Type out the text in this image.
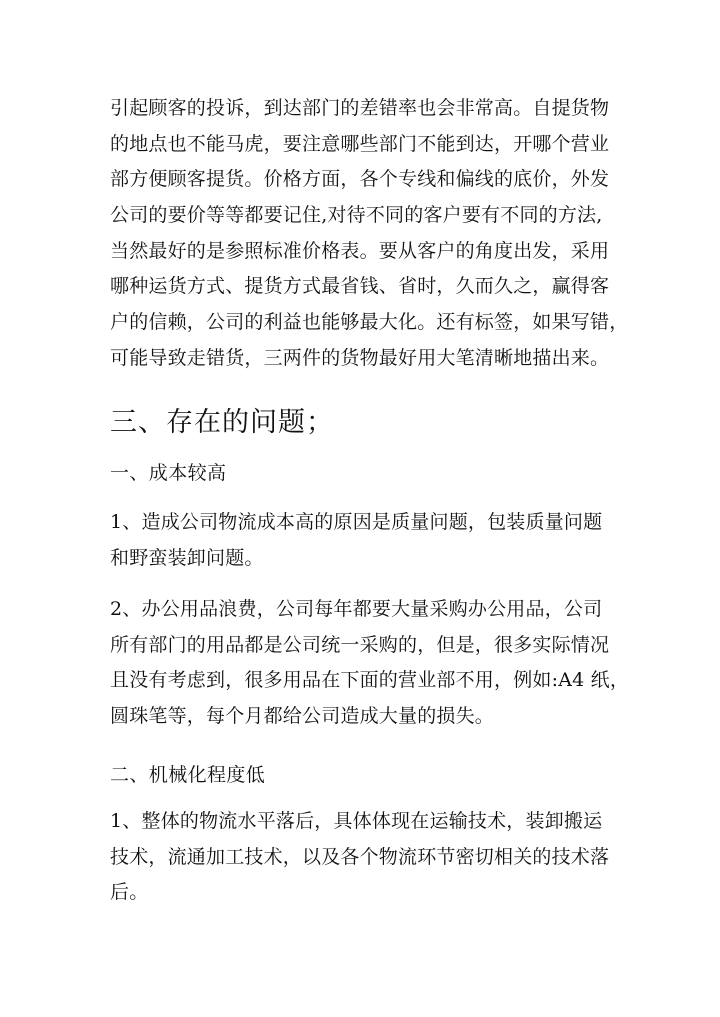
引起顾客的投诉，到达部门的差错率也会非常高。自提货物
的地点也不能马虎，要注意哪些部门不能到达，开哪个营业
部方便顾客提货。价格方面，各个专线和偏线的底价，外发
公司的要价等等都要记住,对待不同的客户要有不同的方法,
当然最好的是参照标准价格表。要从客户的角度出发，采用
哪种运货方式、提货方式最省钱、省时，久而久之，赢得客
户的信赖，公司的利益也能够最大化。还有标签，如果写错，
可能导致走错货，三两件的货物最好用大笔清晰地描出来。
三、存在的问题；
一、成本较高
1、造成公司物流成本高的原因是质量问题，包装质量问题
和野蛮装卸问题。
2、办公用品浪费，公司每年都要大量采购办公用品，公司
所有部门的用品都是公司统一采购的，但是，很多实际情况
且没有考虑到，很多用品在下面的营业部不用，例如:A4 纸，
圆珠笔等，每个月都给公司造成大量的损失。
二、机械化程度低
1、整体的物流水平落后，具体体现在运输技术，装卸搬运
技术，流通加工技术，以及各个物流环节密切相关的技术落
后。
